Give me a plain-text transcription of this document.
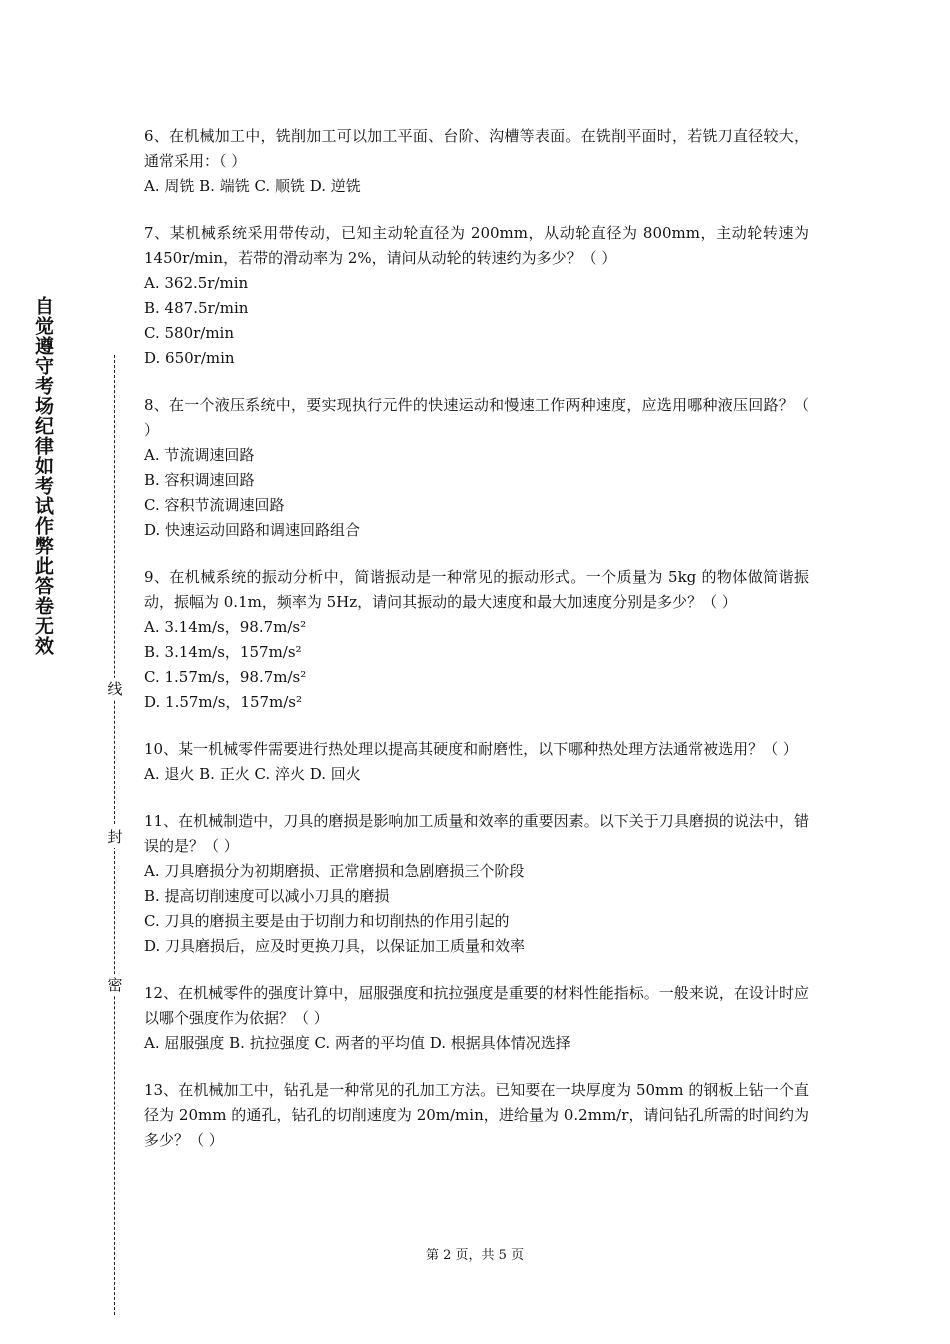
自觉遵守考场纪律如考试作弊此答卷无效
线
封
密

6、在机械加工中，铣削加工可以加工平面、台阶、沟槽等表面。在铣削平面时，若铣刀直径较大，通常采用：（ ）

A. 周铣 B. 端铣 C. 顺铣 D. 逆铣

7、某机械系统采用带传动，已知主动轮直径为 200mm，从动轮直径为 800mm，主动轮转速为 1450r/min，若带的滑动率为 2%，请问从动轮的转速约为多少？（ ）

A. 362.5r/min

B. 487.5r/min

C. 580r/min

D. 650r/min

8、在一个液压系统中，要实现执行元件的快速运动和慢速工作两种速度，应选用哪种液压回路？（ ）

A. 节流调速回路

B. 容积调速回路

C. 容积节流调速回路

D. 快速运动回路和调速回路组合

9、在机械系统的振动分析中，简谐振动是一种常见的振动形式。一个质量为 5kg 的物体做简谐振动，振幅为 0.1m，频率为 5Hz，请问其振动的最大速度和最大加速度分别是多少？（ ）

A. 3.14m/s，98.7m/s²

B. 3.14m/s，157m/s²

C. 1.57m/s，98.7m/s²

D. 1.57m/s，157m/s²

10、某一机械零件需要进行热处理以提高其硬度和耐磨性，以下哪种热处理方法通常被选用？（ ）

A. 退火 B. 正火 C. 淬火 D. 回火

11、在机械制造中，刀具的磨损是影响加工质量和效率的重要因素。以下关于刀具磨损的说法中，错误的是？（ ）

A. 刀具磨损分为初期磨损、正常磨损和急剧磨损三个阶段

B. 提高切削速度可以减小刀具的磨损

C. 刀具的磨损主要是由于切削力和切削热的作用引起的

D. 刀具磨损后，应及时更换刀具，以保证加工质量和效率

12、在机械零件的强度计算中，屈服强度和抗拉强度是重要的材料性能指标。一般来说，在设计时应以哪个强度作为依据？（ ）

A. 屈服强度 B. 抗拉强度 C. 两者的平均值 D. 根据具体情况选择

13、在机械加工中，钻孔是一种常见的孔加工方法。已知要在一块厚度为 50mm 的钢板上钻一个直径为 20mm 的通孔，钻孔的切削速度为 20m/min，进给量为 0.2mm/r，请问钻孔所需的时间约为多少？（ ）

第 2 页，共 5 页
